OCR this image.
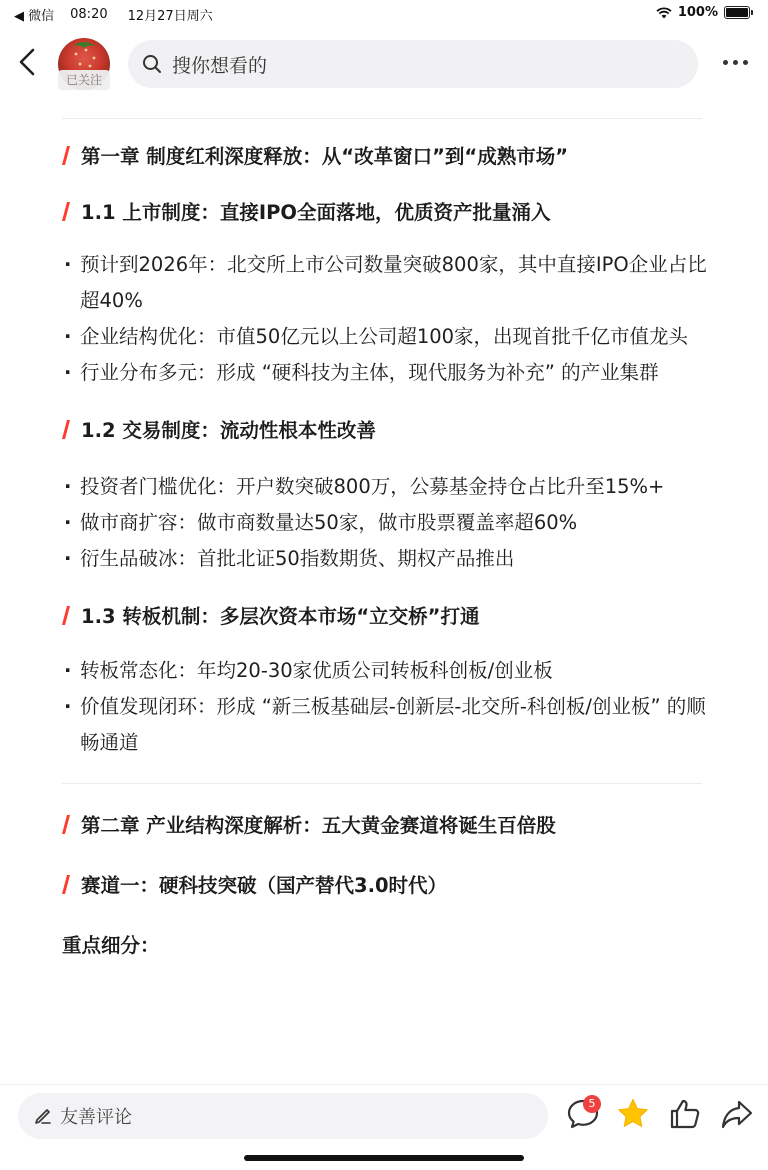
◀ 微信 08:20 12月27日周六	100%
已关注
搜你想看的
第一章 制度红利深度释放：从“改革窗口”到“成熟市场”
1.1 上市制度：直接IPO全面落地，优质资产批量涌入
· 预计到2026年：北交所上市公司数量突破800家，其中直接IPO企业占比超40%
· 企业结构优化：市值50亿元以上公司超100家，出现首批千亿市值龙头
· 行业分布多元：形成 “硬科技为主体，现代服务为补充” 的产业集群
1.2 交易制度：流动性根本性改善
· 投资者门槛优化：开户数突破800万，公募基金持仓占比升至15%+
· 做市商扩容：做市商数量达50家，做市股票覆盖率超60%
· 衍生品破冰：首批北证50指数期货、期权产品推出
1.3 转板机制：多层次资本市场“立交桥”打通
· 转板常态化：年均20-30家优质公司转板科创板/创业板
· 价值发现闭环：形成 “新三板基础层-创新层-北交所-科创板/创业板” 的顺畅通道
第二章 产业结构深度解析：五大黄金赛道将诞生百倍股
赛道一：硬科技突破（国产替代3.0时代）
重点细分：
友善评论
5
